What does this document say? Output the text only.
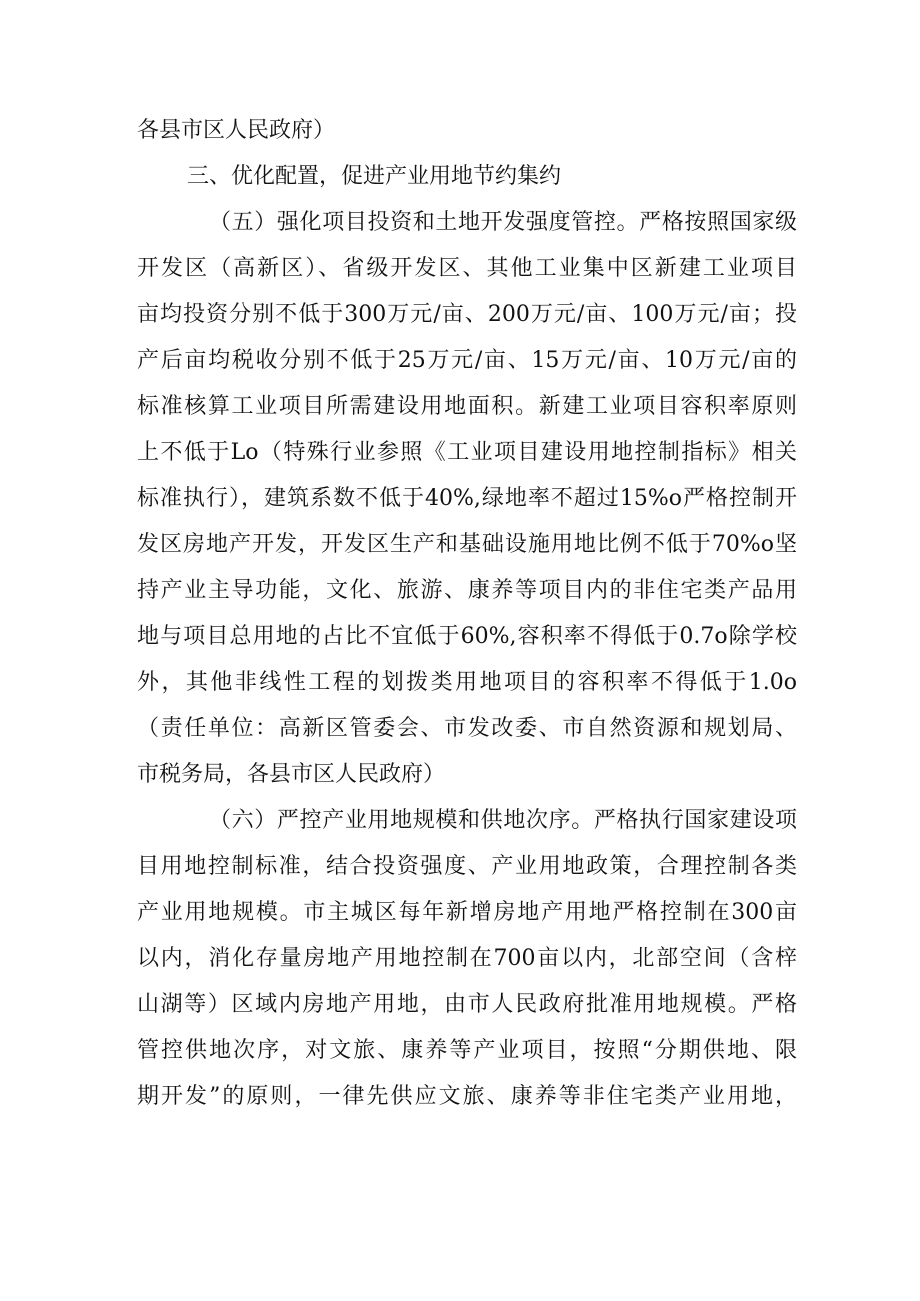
各县市区人民政府）
三、优化配置，促进产业用地节约集约
（五）强化项目投资和土地开发强度管控。严格按照国家级
开发区（高新区）、省级开发区、其他工业集中区新建工业项目
亩均投资分别不低于300万元/亩、200万元/亩、100万元/亩；投
产后亩均税收分别不低于25万元/亩、15万元/亩、10万元/亩的
标准核算工业项目所需建设用地面积。新建工业项目容积率原则
上不低于Lo（特殊行业参照《工业项目建设用地控制指标》相关
标准执行），建筑系数不低于40%,绿地率不超过15%o严格控制开
发区房地产开发，开发区生产和基础设施用地比例不低于70%o坚
持产业主导功能，文化、旅游、康养等项目内的非住宅类产品用
地与项目总用地的占比不宜低于60%,容积率不得低于0.7o除学校
外，其他非线性工程的划拨类用地项目的容积率不得低于1.0o
（责任单位：高新区管委会、市发改委、市自然资源和规划局、
市税务局，各县市区人民政府）
（六）严控产业用地规模和供地次序。严格执行国家建设项
目用地控制标准，结合投资强度、产业用地政策，合理控制各类
产业用地规模。市主城区每年新增房地产用地严格控制在300亩
以内，消化存量房地产用地控制在700亩以内，北部空间（含梓
山湖等）区域内房地产用地，由市人民政府批准用地规模。严格
管控供地次序，对文旅、康养等产业项目，按照“分期供地、限
期开发”的原则，一律先供应文旅、康养等非住宅类产业用地，
